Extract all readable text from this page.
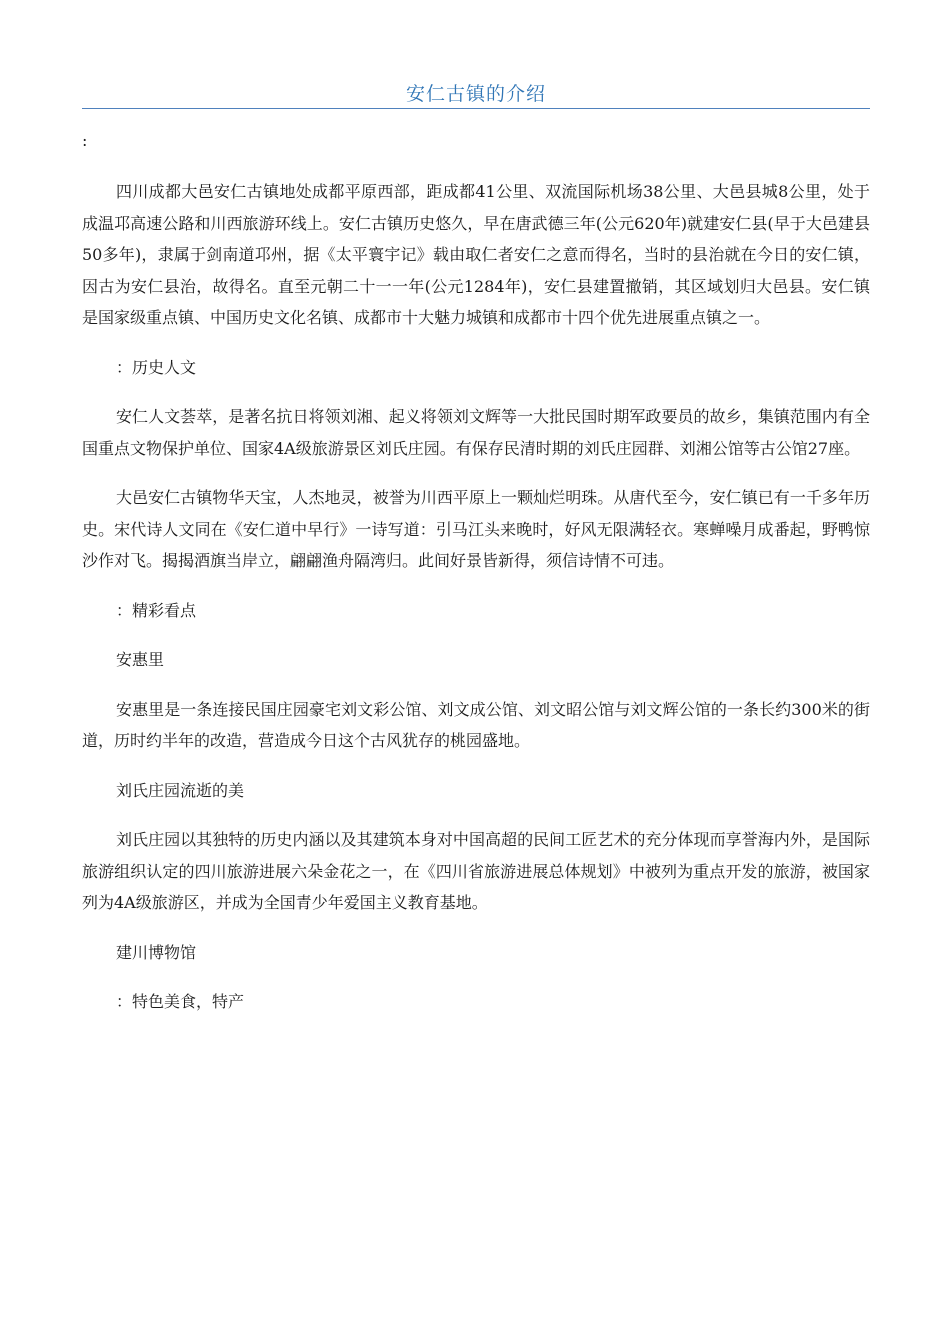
安仁古镇的介绍
:

四川成都大邑安仁古镇地处成都平原西部，距成都41公里、双流国际机场38公里、大邑县城8公里，处于成温邛高速公路和川西旅游环线上。安仁古镇历史悠久，早在唐武德三年(公元620年)就建安仁县(早于大邑建县50多年)，隶属于剑南道邛州，据《太平寰宇记》载由取仁者安仁之意而得名，当时的县治就在今日的安仁镇，因古为安仁县治，故得名。直至元朝二十一一年(公元1284年)，安仁县建置撤销，其区域划归大邑县。安仁镇是国家级重点镇、中国历史文化名镇、成都市十大魅力城镇和成都市十四个优先进展重点镇之一。

：历史人文

安仁人文荟萃，是著名抗日将领刘湘、起义将领刘文辉等一大批民国时期军政要员的故乡，集镇范围内有全国重点文物保护单位、国家4A级旅游景区刘氏庄园。有保存民清时期的刘氏庄园群、刘湘公馆等古公馆27座。

大邑安仁古镇物华天宝，人杰地灵，被誉为川西平原上一颗灿烂明珠。从唐代至今，安仁镇已有一千多年历史。宋代诗人文同在《安仁道中早行》一诗写道：引马江头来晚时，好风无限满轻衣。寒蝉噪月成番起，野鸭惊沙作对飞。揭揭酒旗当岸立，翩翩渔舟隔湾归。此间好景皆新得，须信诗情不可违。

：精彩看点

安惠里

安惠里是一条连接民国庄园豪宅刘文彩公馆、刘文成公馆、刘文昭公馆与刘文辉公馆的一条长约300米的街道，历时约半年的改造，营造成今日这个古风犹存的桃园盛地。

刘氏庄园流逝的美

刘氏庄园以其独特的历史内涵以及其建筑本身对中国高超的民间工匠艺术的充分体现而享誉海内外，是国际旅游组织认定的四川旅游进展六朵金花之一，在《四川省旅游进展总体规划》中被列为重点开发的旅游，被国家列为4A级旅游区，并成为全国青少年爱国主义教育基地。

建川博物馆

：特色美食，特产
